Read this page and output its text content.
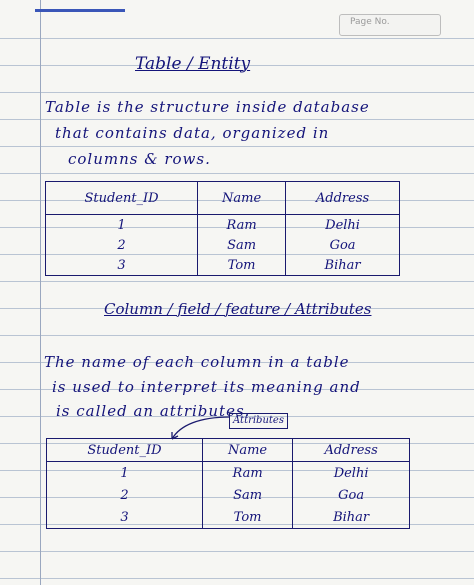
Page No.
Table / Entity
Table is the structure inside database
that contains data, organized in
columns & rows.
Student_ID	Name	Address
1	Ram	Delhi
2	Sam	Goa
3	Tom	Bihar
Column / field / feature / Attributes
The name of each column in a table
is used to interpret its meaning and
is called an attributes.
Attributes
Student_ID	Name	Address
1	Ram	Delhi
2	Sam	Goa
3	Tom	Bihar
